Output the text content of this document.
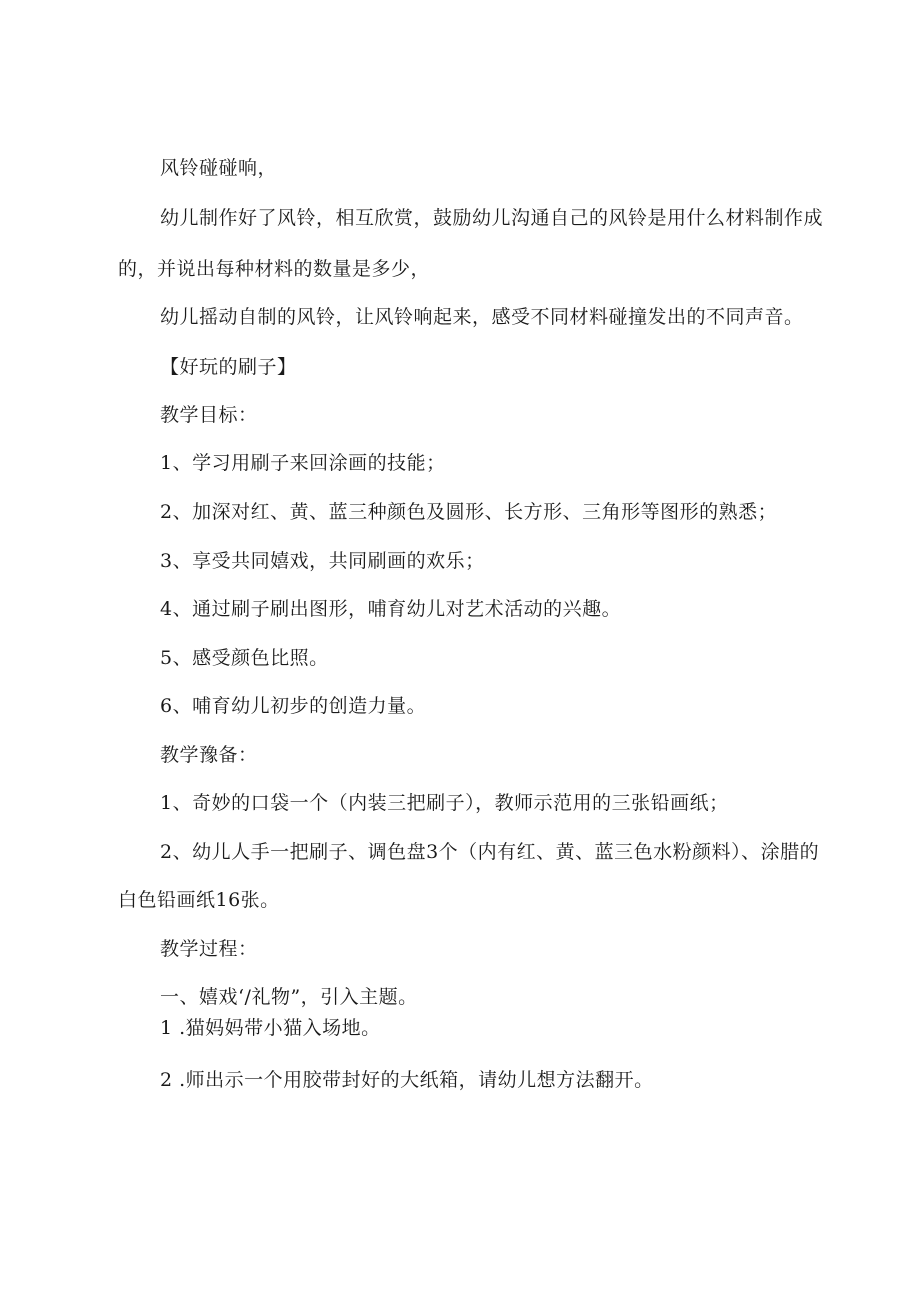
风铃碰碰响，
幼儿制作好了风铃，相互欣赏，鼓励幼儿沟通自己的风铃是用什么材料制作成
的，并说出每种材料的数量是多少，
幼儿摇动自制的风铃，让风铃响起来，感受不同材料碰撞发出的不同声音。
【好玩的刷子】
教学目标：
1、学习用刷子来回涂画的技能；
2、加深对红、黄、蓝三种颜色及圆形、长方形、三角形等图形的熟悉；
3、享受共同嬉戏，共同刷画的欢乐；
4、通过刷子刷出图形，哺育幼儿对艺术活动的兴趣。
5、感受颜色比照。
6、哺育幼儿初步的创造力量。
教学豫备：
1、奇妙的口袋一个（内装三把刷子），教师示范用的三张铅画纸；
2、幼儿人手一把刷子、调色盘3个（内有红、黄、蓝三色水粉颜料）、涂腊的
白色铅画纸16张。
教学过程：
一、嬉戏‘/礼物”，引入主题。
1 .猫妈妈带小猫入场地。
2 .师出示一个用胶带封好的大纸箱，请幼儿想方法翻开。
